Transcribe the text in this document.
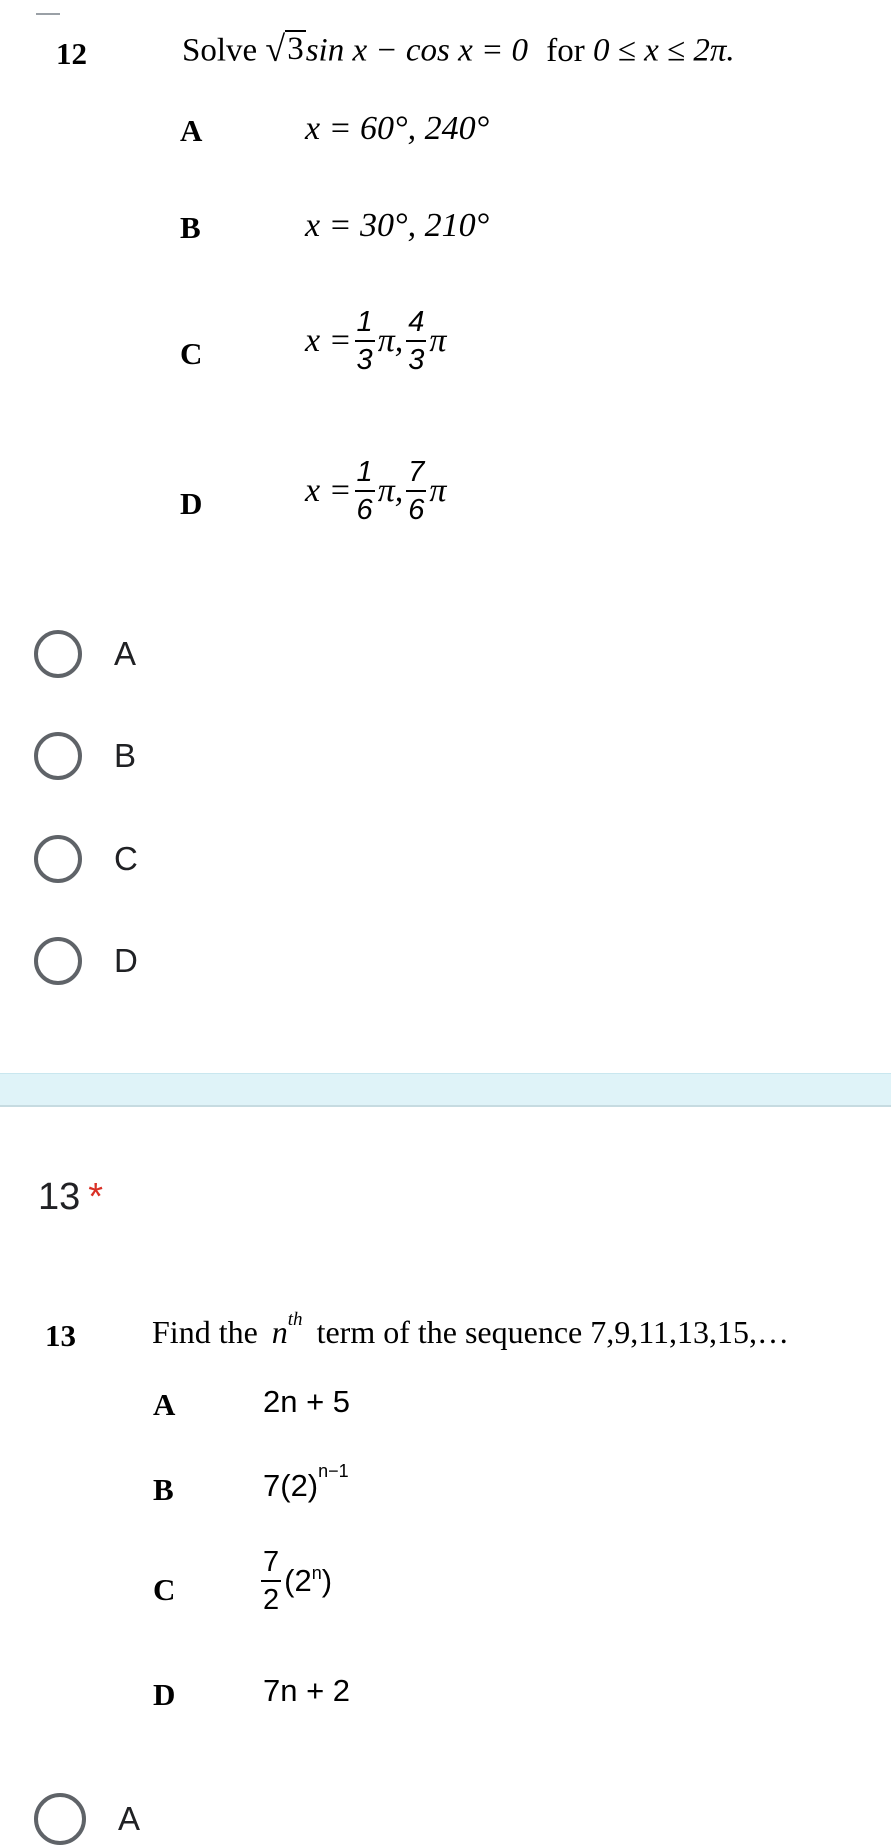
12	Solve √ 3 sin x − cos x = 0 for 0 ≤ x ≤ 2π.
A	x = 60°, 240°
B	x = 30°, 210°
C	$x = \frac{1}{3} \pi$, $\frac{4}{3}$ π
D	$x = \frac{1}{6} \pi$, $\frac{7}{6}$ π
A
B
C
D
13 *
13 Find the $n^{th}$ term of the sequence 7,9,11,13,15,…
A	2n + 5
B	$7(2)^{n-1}$
C	$\frac{7}{2} (2^n$ )
D	7n + 2
A
